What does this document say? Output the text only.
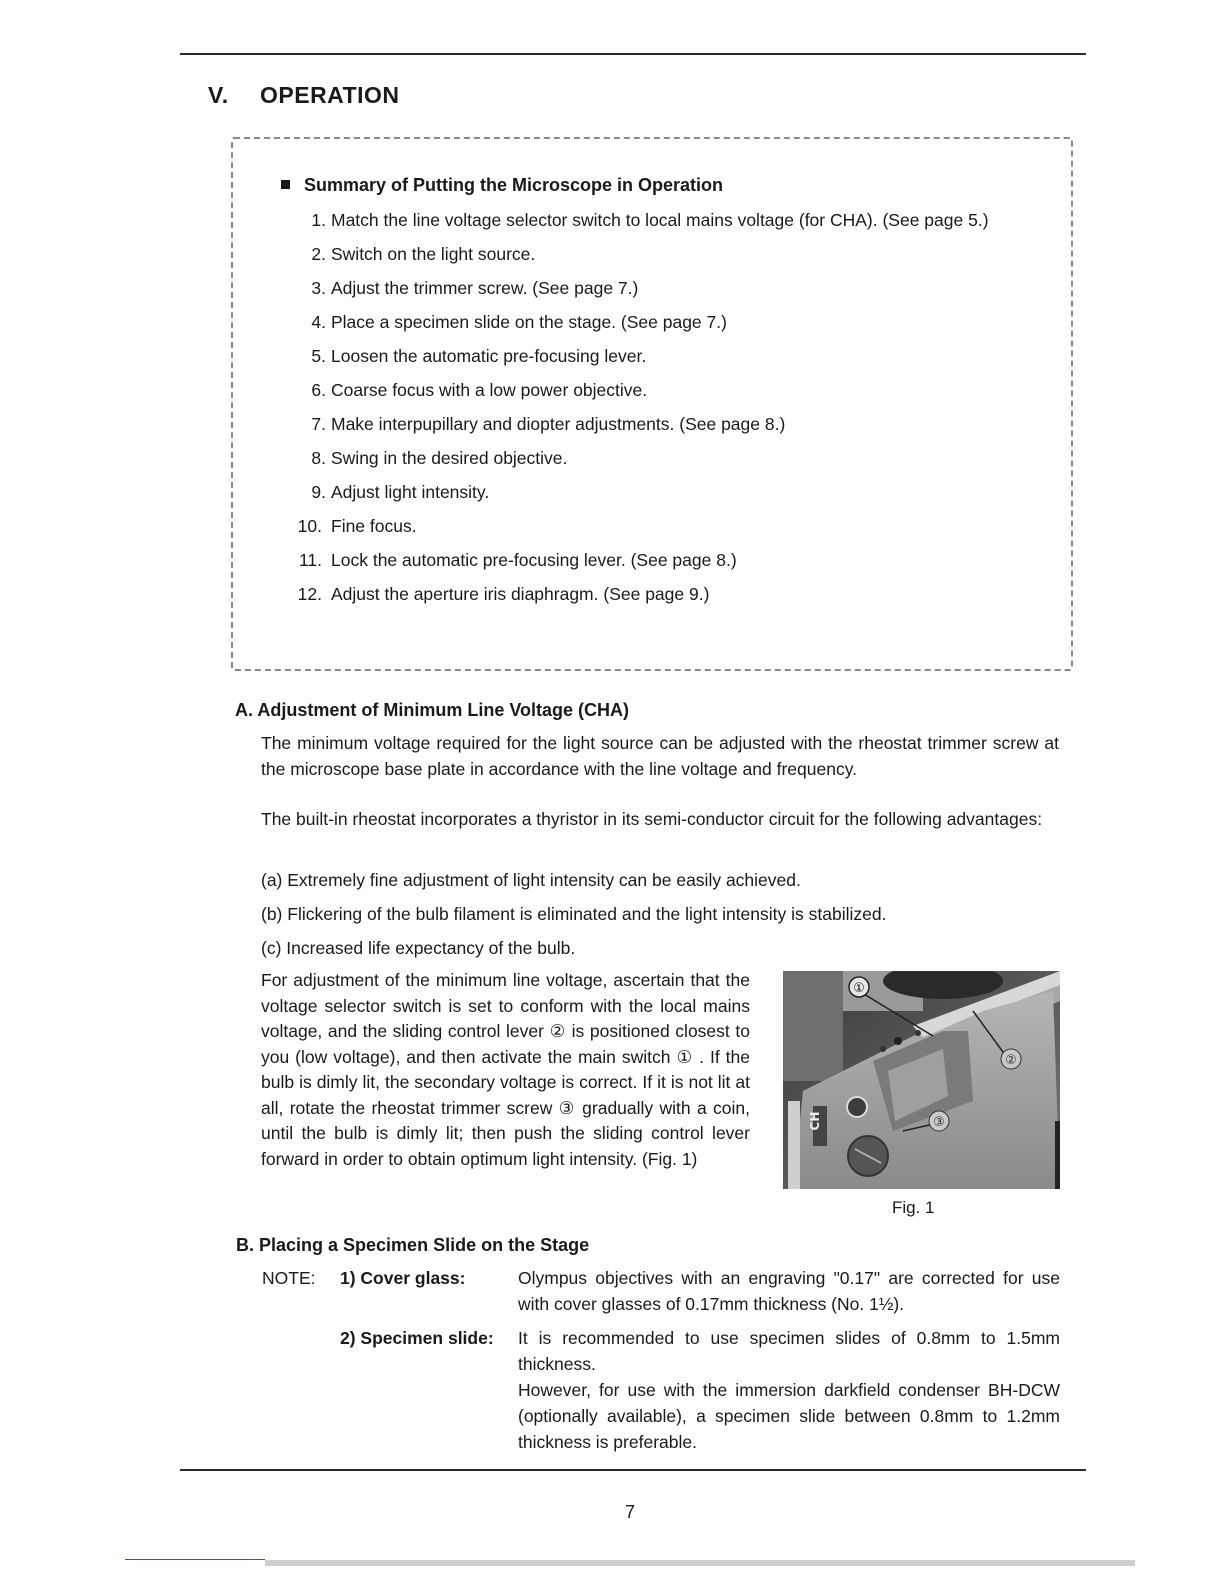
V. OPERATION
Summary of Putting the Microscope in Operation
1. Match the line voltage selector switch to local mains voltage (for CHA). (See page 5.)
2. Switch on the light source.
3. Adjust the trimmer screw. (See page 7.)
4. Place a specimen slide on the stage. (See page 7.)
5. Loosen the automatic pre-focusing lever.
6. Coarse focus with a low power objective.
7. Make interpupillary and diopter adjustments. (See page 8.)
8. Swing in the desired objective.
9. Adjust light intensity.
10. Fine focus.
11. Lock the automatic pre-focusing lever. (See page 8.)
12. Adjust the aperture iris diaphragm. (See page 9.)
A. Adjustment of Minimum Line Voltage (CHA)
The minimum voltage required for the light source can be adjusted with the rheostat trimmer screw at the microscope base plate in accordance with the line voltage and frequency.
The built-in rheostat incorporates a thyristor in its semi-conductor circuit for the following advantages:
(a) Extremely fine adjustment of light intensity can be easily achieved.
(b) Flickering of the bulb filament is eliminated and the light intensity is stabilized.
(c) Increased life expectancy of the bulb.
For adjustment of the minimum line voltage, ascertain that the voltage selector switch is set to conform with the local mains voltage, and the sliding control lever ② is positioned closest to you (low voltage), and then activate the main switch ① . If the bulb is dimly lit, the secondary voltage is correct. If it is not lit at all, rotate the rheostat trimmer screw ③ gradually with a coin, until the bulb is dimly lit; then push the sliding control lever forward in order to obtain optimum light intensity. (Fig. 1)
①
②
③
CH
Fig. 1
B. Placing a Specimen Slide on the Stage
NOTE: 1) Cover glass:	Olympus objectives with an engraving "0.17" are corrected for use with cover glasses of 0.17mm thickness (No. 1½).
2) Specimen slide: It is recommended to use specimen slides of 0.8mm to 1.5mm thickness.
However, for use with the immersion darkfield condenser BH-DCW (optionally available), a specimen slide between 0.8mm to 1.2mm thickness is preferable.
7
